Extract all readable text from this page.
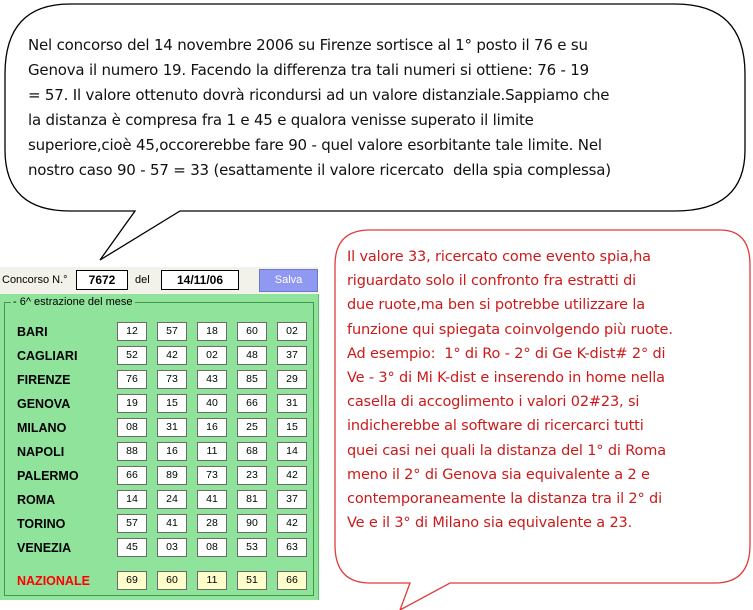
Nel concorso del 14 novembre 2006 su Firenze sortisce al 1° posto il 76 e su
Genova il numero 19. Facendo la differenza tra tali numeri si ottiene: 76 - 19
= 57. Il valore ottenuto dovrà ricondursi ad un valore distanziale.Sappiamo che
la distanza è compresa fra 1 e 45 e qualora venisse superato il limite
superiore,cioè 45,occorerebbe fare 90 - quel valore esorbitante tale limite. Nel
nostro caso 90 - 57 = 33 (esattamente il valore ricercato  della spia complessa)
Il valore 33, ricercato come evento spia,ha
riguardato solo il confronto fra estratti di
due ruote,ma ben si potrebbe utilizzare la
funzione qui spiegata coinvolgendo più ruote.
Ad esempio:  1° di Ro - 2° di Ge K-dist# 2° di
Ve - 3° di Mi K-dist e inserendo in home nella
casella di accoglimento i valori 02#23, si
indicherebbe al software di ricercarci tutti
quei casi nei quali la distanza del 1° di Roma
meno il 2° di Genova sia equivalente a 2 e
contemporaneamente la distanza tra il 2° di
Ve e il 3° di Milano sia equivalente a 23.
Concorso N.°	7672	del	14/11/06	Salva
- 6^ estrazione del mese
BARI	12	57	18	60	02
CAGLIARI	52	42	02	48	37
FIRENZE	76	73	43	85	29
GENOVA	19	15	40	66	31
MILANO	08	31	16	25	15
NAPOLI	88	16	11	68	14
PALERMO	66	89	73	23	42
ROMA	14	24	41	81	37
TORINO	57	41	28	90	42
VENEZIA	45	03	08	53	63
NAZIONALE	69	60	11	51	66
